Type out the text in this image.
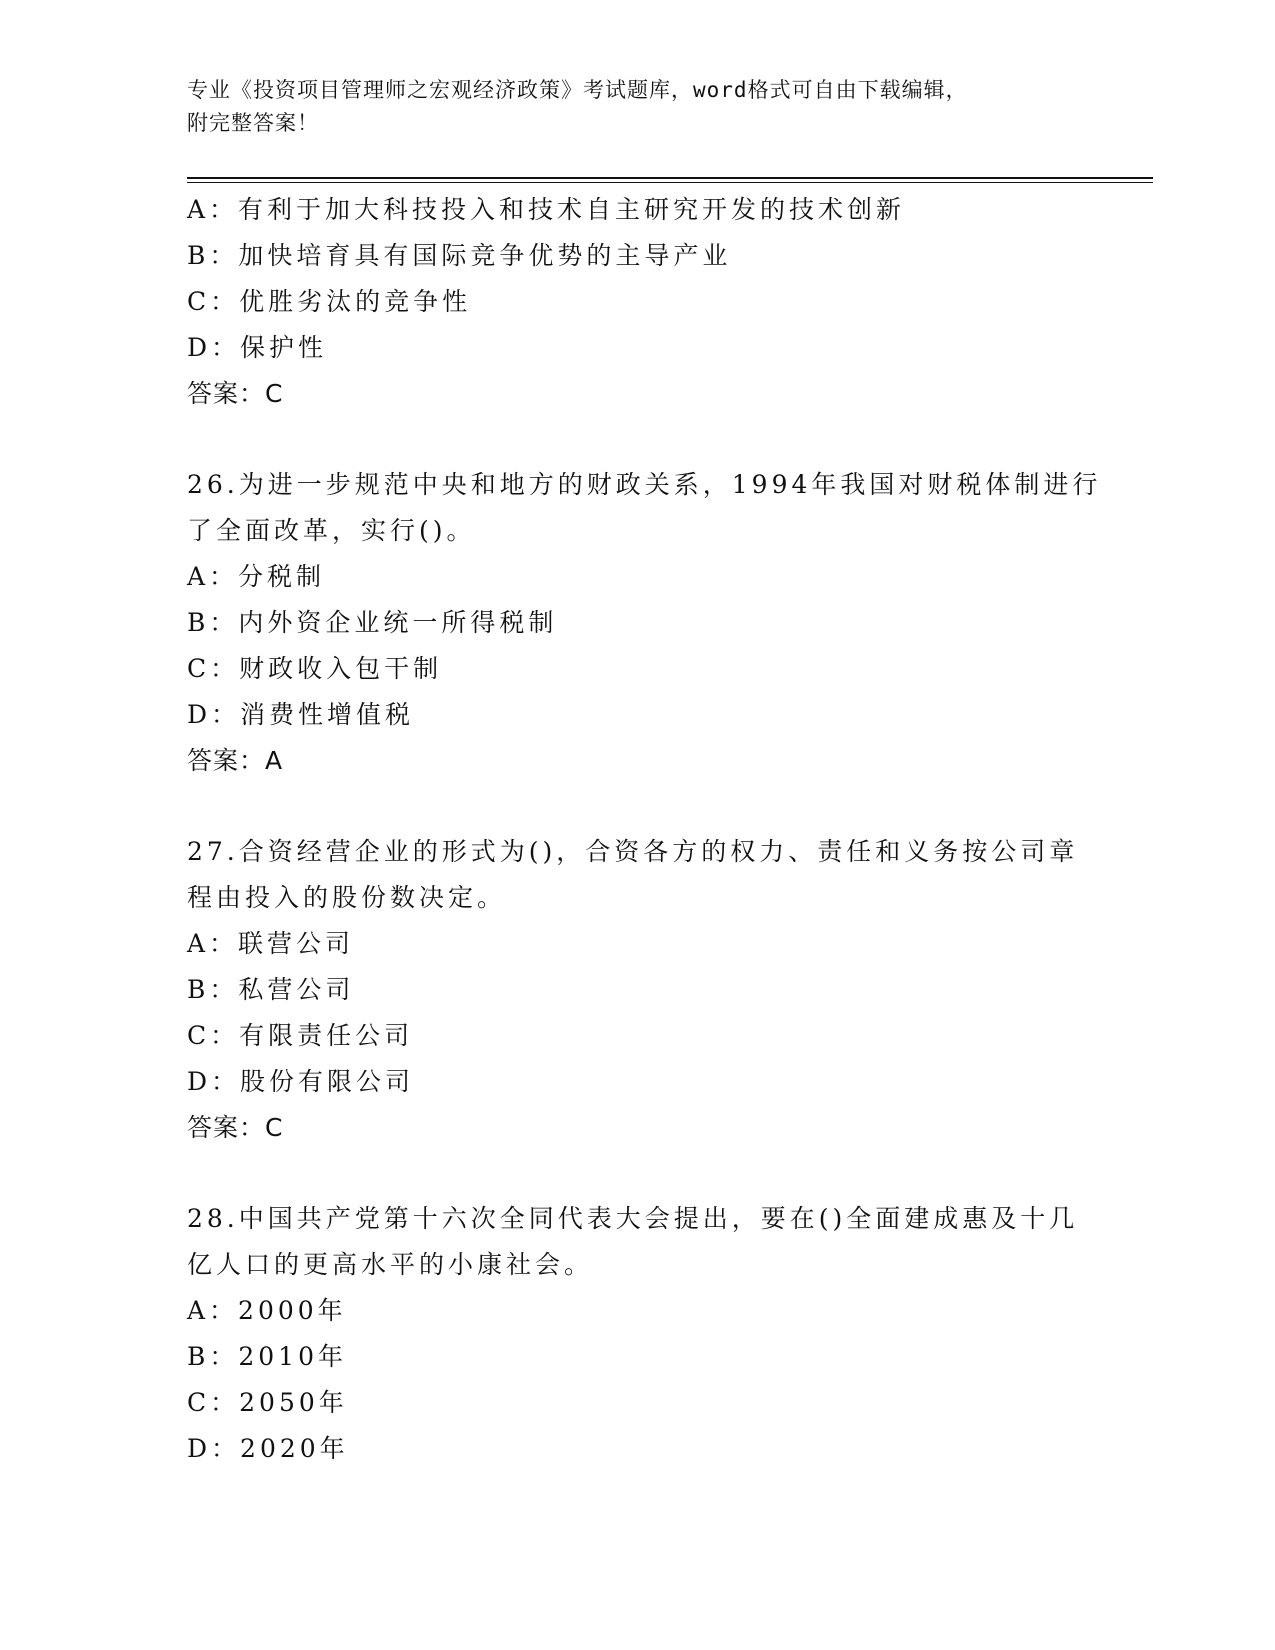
专业《投资项目管理师之宏观经济政策》考试题库，word格式可自由下载编辑，
附完整答案！
A：有利于加大科技投入和技术自主研究开发的技术创新
B：加快培育具有国际竞争优势的主导产业
C：优胜劣汰的竞争性
D：保护性
答案：C
26.为进一步规范中央和地方的财政关系，1994年我国对财税体制进行
了全面改革，实行()。
A：分税制
B：内外资企业统一所得税制
C：财政收入包干制
D：消费性增值税
答案：A
27.合资经营企业的形式为()，合资各方的权力、责任和义务按公司章
程由投入的股份数决定。
A：联营公司
B：私营公司
C：有限责任公司
D：股份有限公司
答案：C
28.中国共产党第十六次全同代表大会提出，要在()全面建成惠及十几
亿人口的更高水平的小康社会。
A：2000年
B：2010年
C：2050年
D：2020年
